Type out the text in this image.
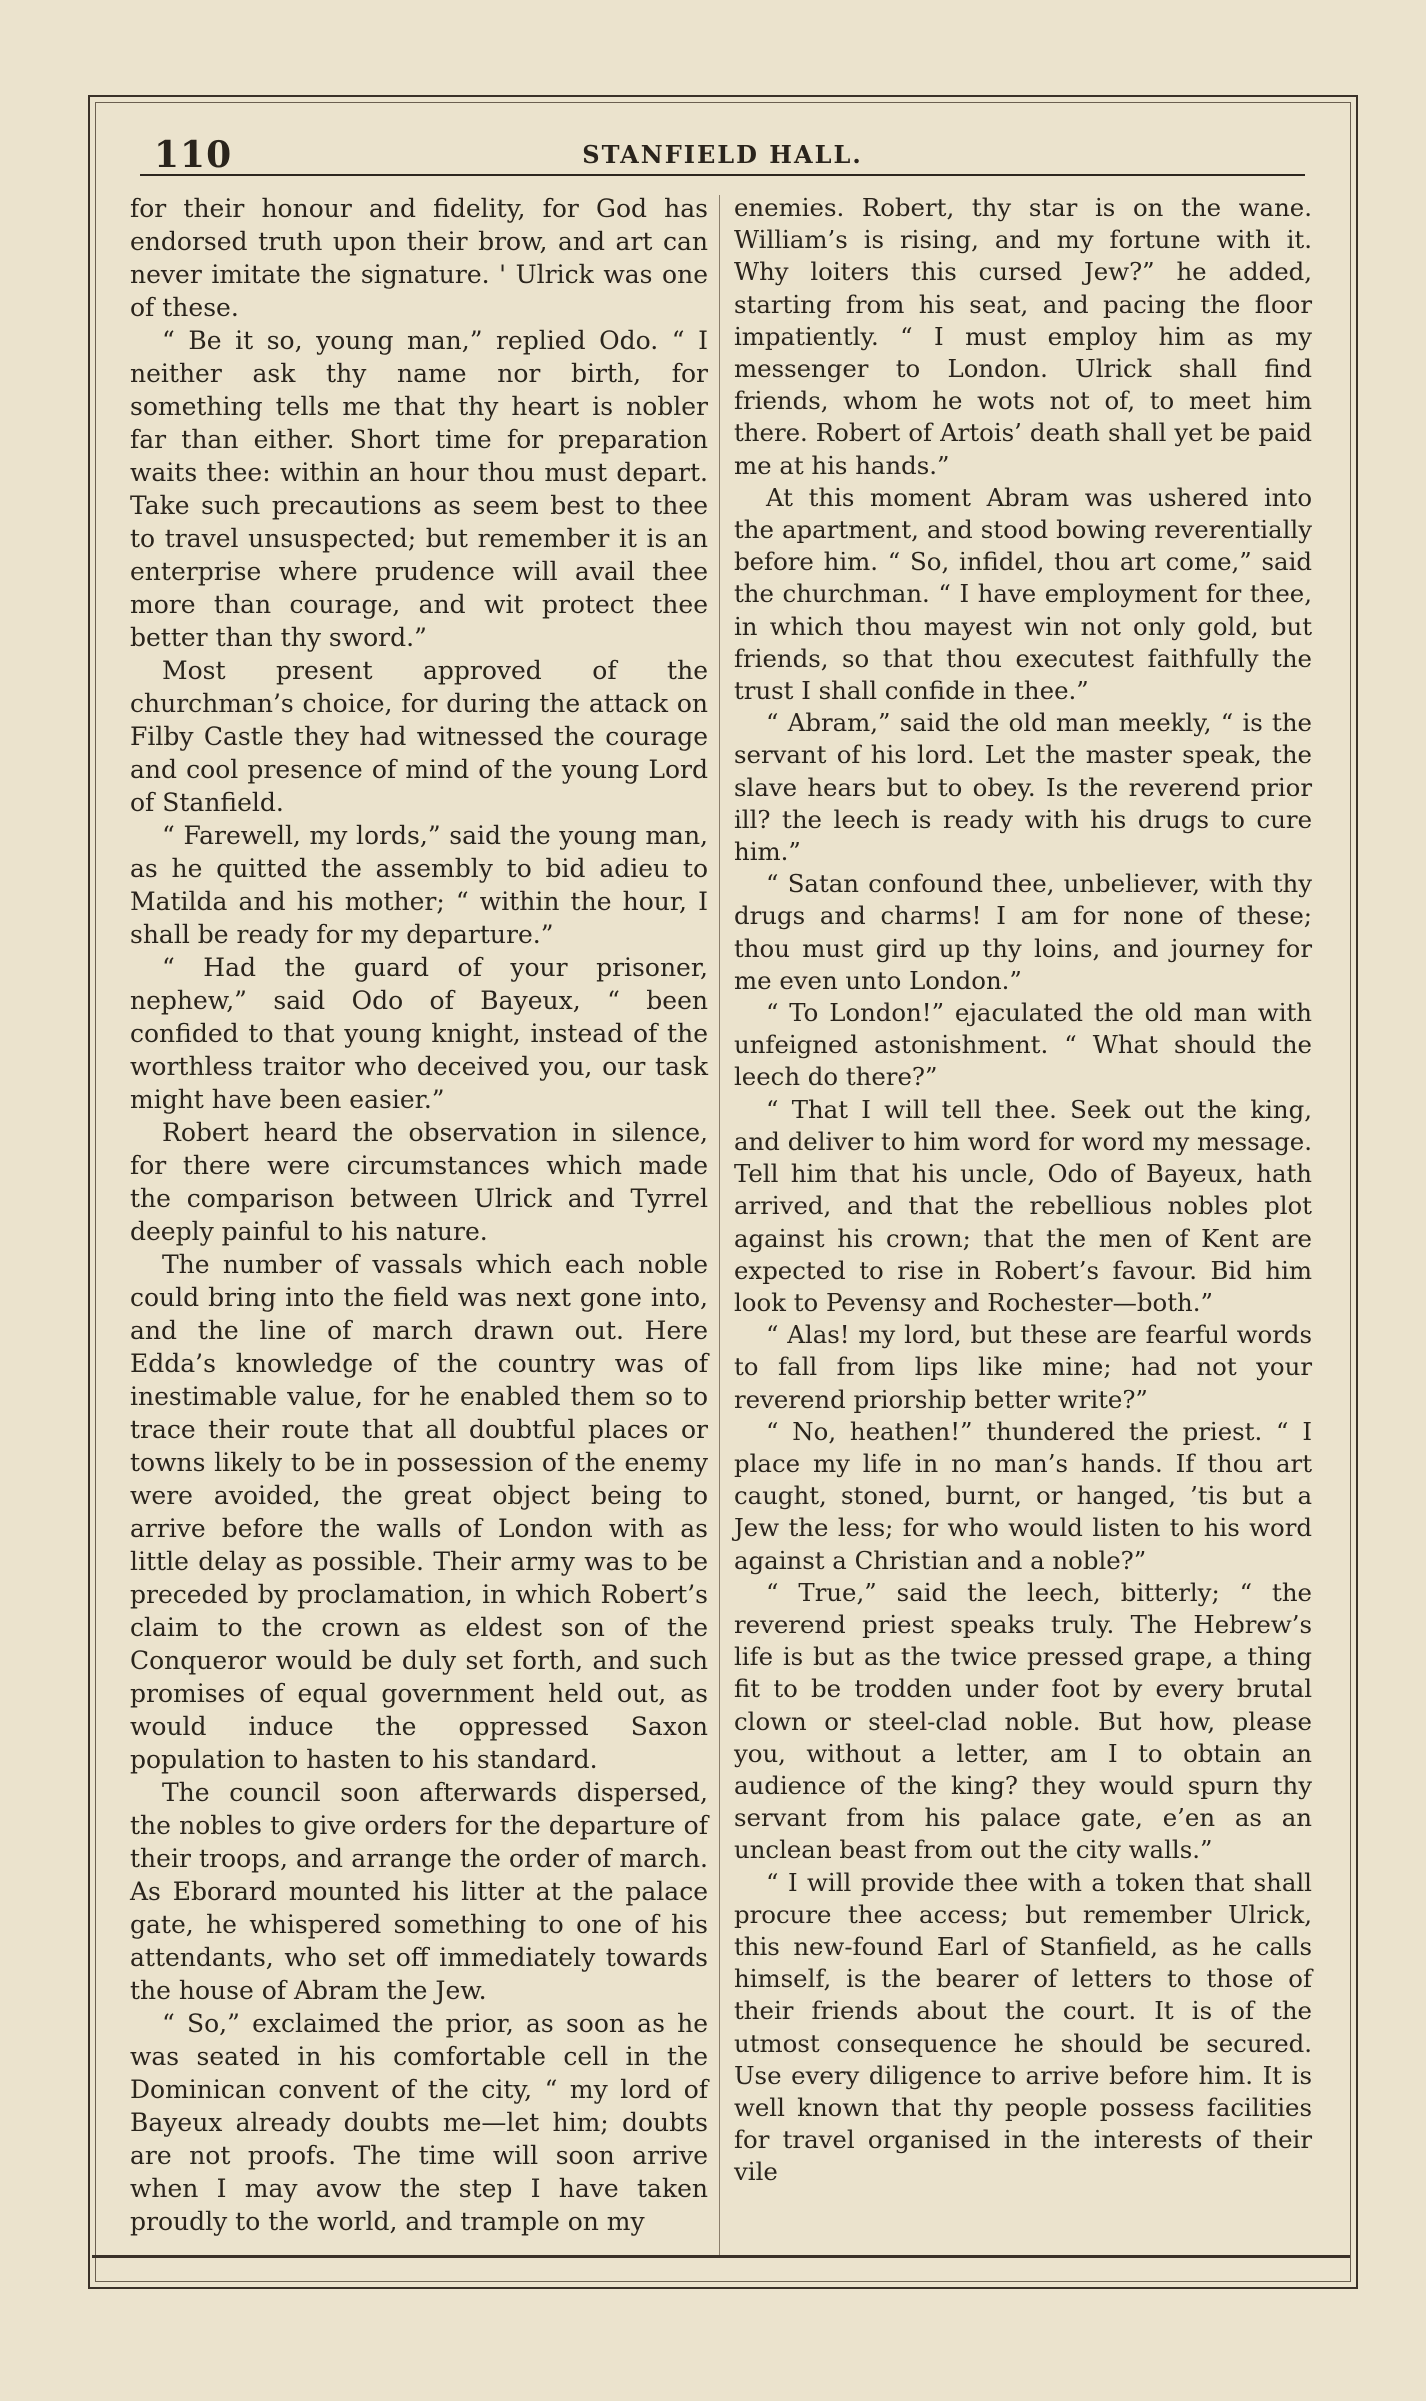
110	STANFIELD HALL.

for their honour and fidelity, for God has endorsed truth upon their brow, and art can never imitate the signature. ' Ulrick was one of these.

“ Be it so, young man,” replied Odo. “ I neither ask thy name nor birth, for something tells me that thy heart is nobler far than either. Short time for preparation waits thee: within an hour thou must depart. Take such precautions as seem best to thee to travel unsuspected; but remember it is an enterprise where prudence will avail thee more than courage, and wit protect thee better than thy sword.”

Most present approved of the churchman’s choice, for during the attack on Filby Castle they had witnessed the courage and cool presence of mind of the young Lord of Stanfield.

“ Farewell, my lords,” said the young man, as he quitted the assembly to bid adieu to Matilda and his mother; “ within the hour, I shall be ready for my departure.”

“ Had the guard of your prisoner, nephew,” said Odo of Bayeux, “ been confided to that young knight, instead of the worthless traitor who deceived you, our task might have been easier.”

Robert heard the observation in silence, for there were circumstances which made the comparison between Ulrick and Tyrrel deeply painful to his nature.

The number of vassals which each noble could bring into the field was next gone into, and the line of march drawn out. Here Edda’s knowledge of the country was of inestimable value, for he enabled them so to trace their route that all doubtful places or towns likely to be in possession of the enemy were avoided, the great object being to arrive before the walls of London with as little delay as possible. Their army was to be preceded by proclamation, in which Robert’s claim to the crown as eldest son of the Conqueror would be duly set forth, and such promises of equal government held out, as would induce the oppressed Saxon population to hasten to his standard.

The council soon afterwards dispersed, the nobles to give orders for the departure of their troops, and arrange the order of march. As Eborard mounted his litter at the palace gate, he whispered something to one of his attendants, who set off immediately towards the house of Abram the Jew.

“ So,” exclaimed the prior, as soon as he was seated in his comfortable cell in the Dominican convent of the city, “ my lord of Bayeux already doubts me—let him; doubts are not proofs. The time will soon arrive when I may avow the step I have taken proudly to the world, and trample on my

enemies. Robert, thy star is on the wane. William’s is rising, and my fortune with it. Why loiters this cursed Jew?” he added, starting from his seat, and pacing the floor impatiently. “ I must employ him as my messenger to London. Ulrick shall find friends, whom he wots not of, to meet him there. Robert of Artois’ death shall yet be paid me at his hands.”

At this moment Abram was ushered into the apartment, and stood bowing reverentially before him. “ So, infidel, thou art come,” said the churchman. “ I have employment for thee, in which thou mayest win not only gold, but friends, so that thou executest faithfully the trust I shall confide in thee.”

“ Abram,” said the old man meekly, “ is the servant of his lord. Let the master speak, the slave hears but to obey. Is the reverend prior ill? the leech is ready with his drugs to cure him.”

“ Satan confound thee, unbeliever, with thy drugs and charms! I am for none of these; thou must gird up thy loins, and journey for me even unto London.”

“ To London!” ejaculated the old man with unfeigned astonishment. “ What should the leech do there?”

“ That I will tell thee. Seek out the king, and deliver to him word for word my message. Tell him that his uncle, Odo of Bayeux, hath arrived, and that the rebellious nobles plot against his crown; that the men of Kent are expected to rise in Robert’s favour. Bid him look to Pevensy and Rochester—both.”

“ Alas! my lord, but these are fearful words to fall from lips like mine; had not your reverend priorship better write?”

“ No, heathen!” thundered the priest. “ I place my life in no man’s hands. If thou art caught, stoned, burnt, or hanged, ’tis but a Jew the less; for who would listen to his word against a Christian and a noble?”

“ True,” said the leech, bitterly; “ the reverend priest speaks truly. The Hebrew’s life is but as the twice pressed grape, a thing fit to be trodden under foot by every brutal clown or steel-clad noble. But how, please you, without a letter, am I to obtain an audience of the king? they would spurn thy servant from his palace gate, e’en as an unclean beast from out the city walls.”

“ I will provide thee with a token that shall procure thee access; but remember Ulrick, this new-found Earl of Stanfield, as he calls himself, is the bearer of letters to those of their friends about the court. It is of the utmost consequence he should be secured. Use every diligence to arrive before him. It is well known that thy people possess facilities for travel organised in the interests of their vile
